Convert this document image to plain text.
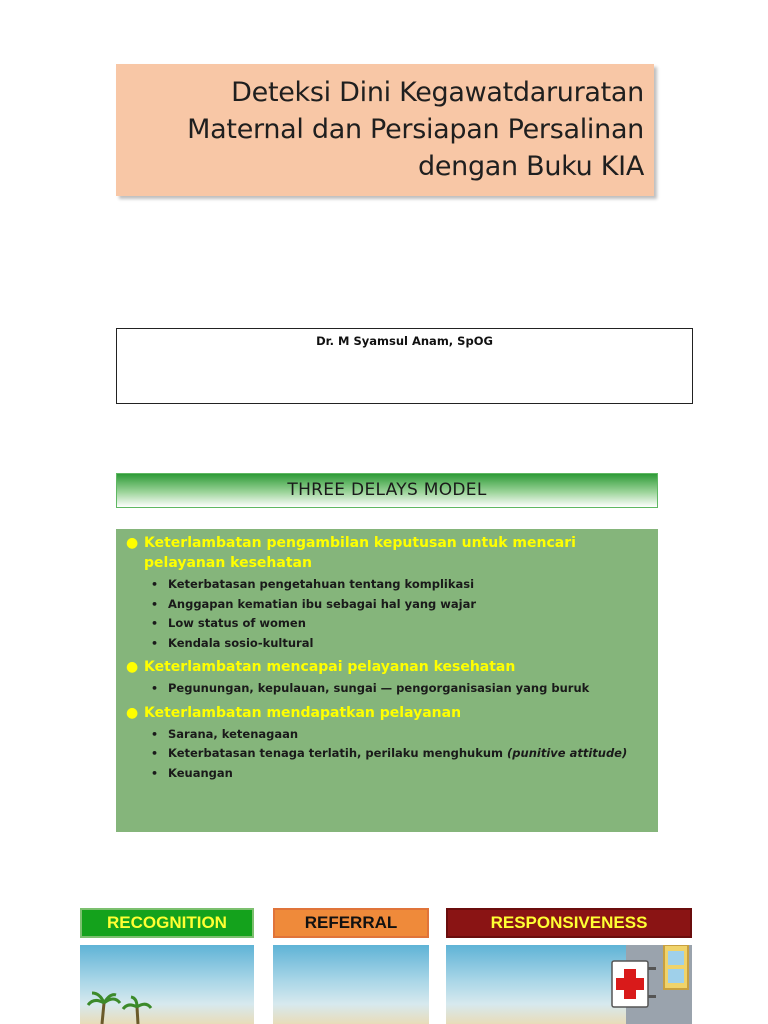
Deteksi Dini Kegawatdaruratan
Maternal dan Persiapan Persalinan
dengan Buku KIA
Dr. M Syamsul Anam, SpOG
THREE DELAYS MODEL
● Keterlambatan pengambilan keputusan untuk mencari pelayanan kesehatan
• Keterbatasan pengetahuan tentang komplikasi
• Anggapan kematian ibu sebagai hal yang wajar
• Low status of women
• Kendala sosio-kultural
● Keterlambatan mencapai pelayanan kesehatan
• Pegunungan, kepulauan, sungai — pengorganisasian yang buruk
● Keterlambatan mendapatkan pelayanan
• Sarana, ketenagaan
• Keterbatasan tenaga terlatih, perilaku menghukum (punitive attitude)
• Keuangan
RECOGNITION	REFERRAL	RESPONSIVENESS
